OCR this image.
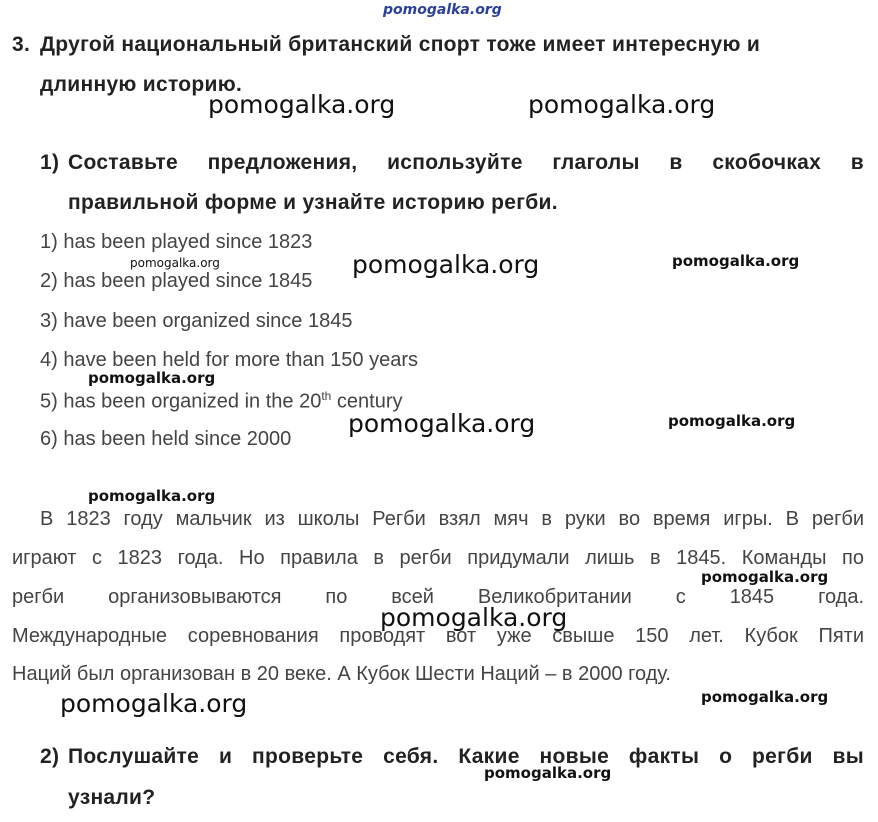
pomogalka.org
3. Другой национальный британский спорт тоже имеет интересную и
длинную историю.
1) Составьте предложения, используйте глаголы в скобочках в
правильной форме и узнайте историю регби.
1) has been played since 1823
2) has been played since 1845
3) have been organized since 1845
4) have been held for more than 150 years
5) has been organized in the 20th century
6) has been held since 2000
В 1823 году мальчик из школы Регби взял мяч в руки во время игры. В регби
играют с 1823 года. Но правила в регби придумали лишь в 1845. Команды по
регби организовываются по всей Великобритании с 1845 года.
Международные соревнования проводят вот уже свыше 150 лет. Кубок Пяти
Наций был организован в 20 веке. А Кубок Шести Наций – в 2000 году.
2) Послушайте и проверьте себя. Какие новые факты о регби вы
узнали?
pomogalka.org	pomogalka.org
pomogalka.org	pomogalka.org	pomogalka.org
pomogalka.org
pomogalka.org	pomogalka.org
pomogalka.org
pomogalka.org
pomogalka.org
pomogalka.org	pomogalka.org
pomogalka.org
